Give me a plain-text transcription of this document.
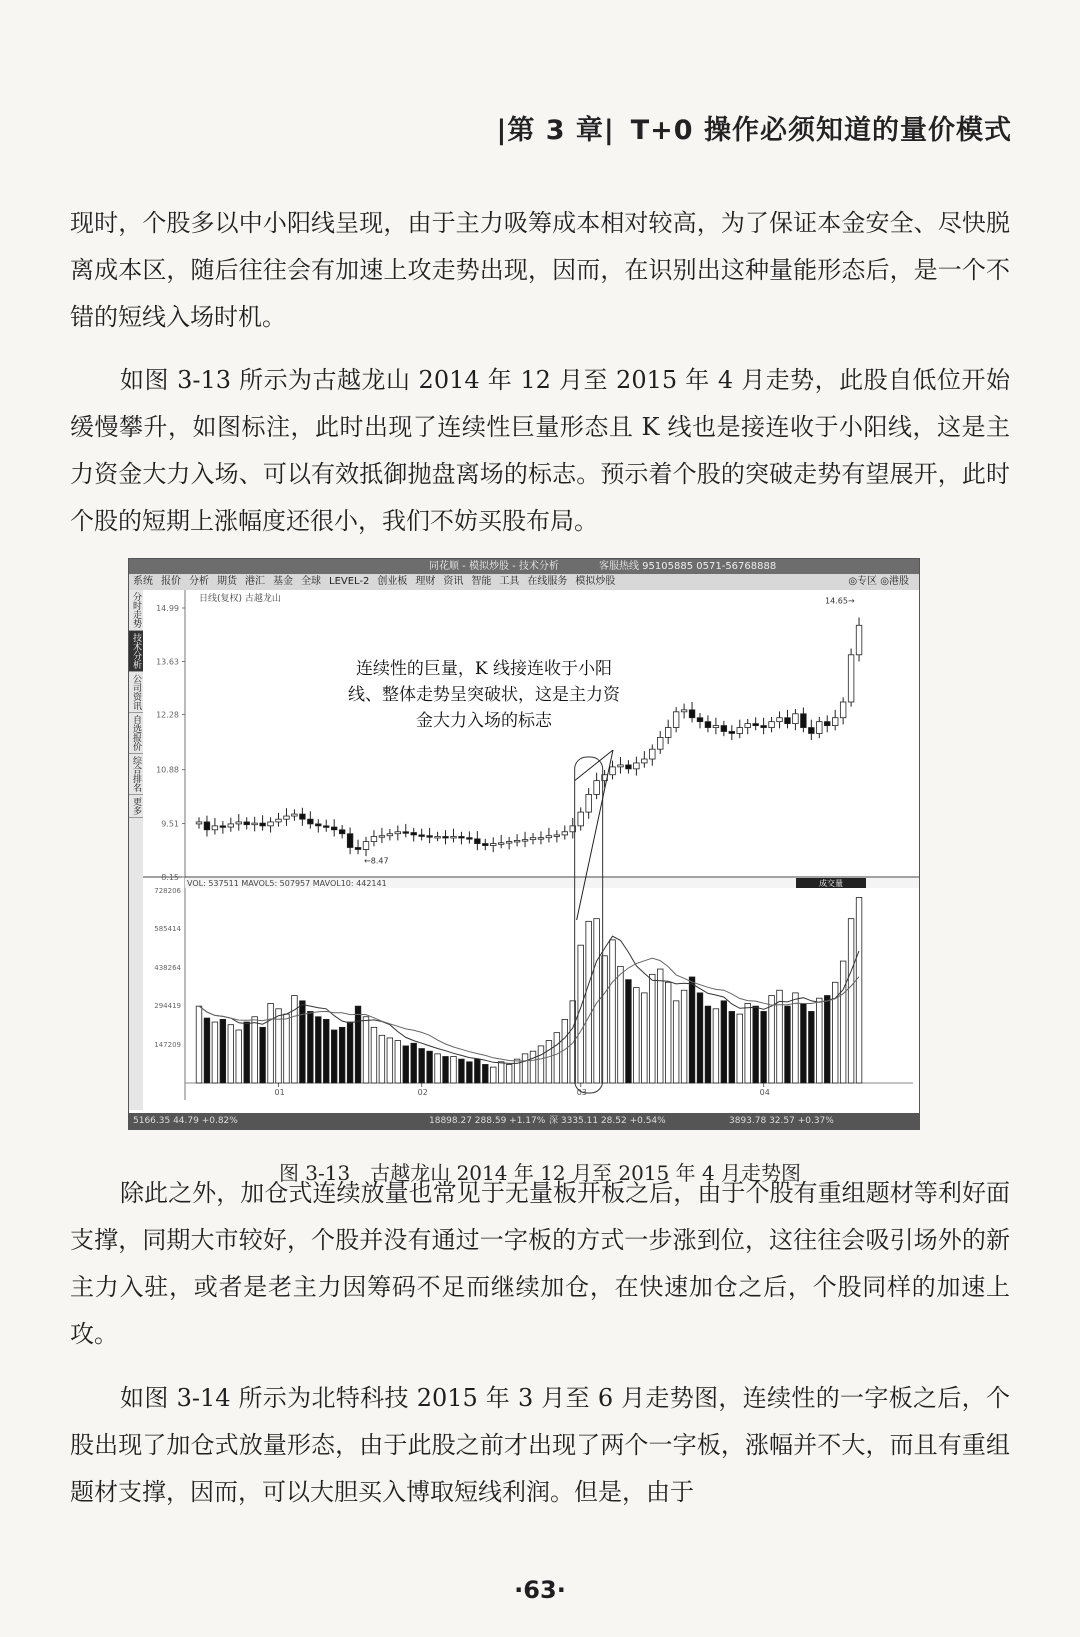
|第 3 章| T+0 操作必须知道的量价模式

现时，个股多以中小阳线呈现，由于主力吸筹成本相对较高，为了保证本金安全、尽快脱离成本区，随后往往会有加速上攻走势出现，因而，在识别出这种量能形态后，是一个不错的短线入场时机。

如图 3-13 所示为古越龙山 2014 年 12 月至 2015 年 4 月走势，此股自低位开始缓慢攀升，如图标注，此时出现了连续性巨量形态且 K 线也是接连收于小阳线，这是主力资金大力入场、可以有效抵御抛盘离场的标志。预示着个股的突破走势有望展开，此时个股的短期上涨幅度还很小，我们不妨买股布局。

同花顺 - 模拟炒股 - 技术分析	客服热线 95105885 0571-56768888
系统 报价 分析 期货 港汇 基金 全球 LEVEL-2 创业板 理财 资讯 智能 工具 在线服务 模拟炒股	◎专区 ◎港股
分时走势
技术分析
公司资讯
自选报价
综合排名
更多
VOL: 537511 MAVOL5: 507957 MAVOL10: 442141	成交量
14.99
13.63
12.28
10.88
9.51
8.15
728206
585414
438264
294419
147209
←8.47
14.65→
01	02	03	04
日线(复权) 古越龙山
5166.35 44.79 +0.82%	18898.27 288.59 +1.17% 深 3335.11 28.52 +0.54%	3893.78 32.57 +0.37%
连续性的巨量，K 线接连收于小阳线、整体走势呈突破状，这是主力资金大力入场的标志
图 3-13　古越龙山 2014 年 12 月至 2015 年 4 月走势图

除此之外，加仓式连续放量也常见于无量板开板之后，由于个股有重组题材等利好面支撑，同期大市较好，个股并没有通过一字板的方式一步涨到位，这往往会吸引场外的新主力入驻，或者是老主力因筹码不足而继续加仓，在快速加仓之后，个股同样的加速上攻。

如图 3-14 所示为北特科技 2015 年 3 月至 6 月走势图，连续性的一字板之后，个股出现了加仓式放量形态，由于此股之前才出现了两个一字板，涨幅并不大，而且有重组题材支撑，因而，可以大胆买入博取短线利润。但是，由于

·63·
